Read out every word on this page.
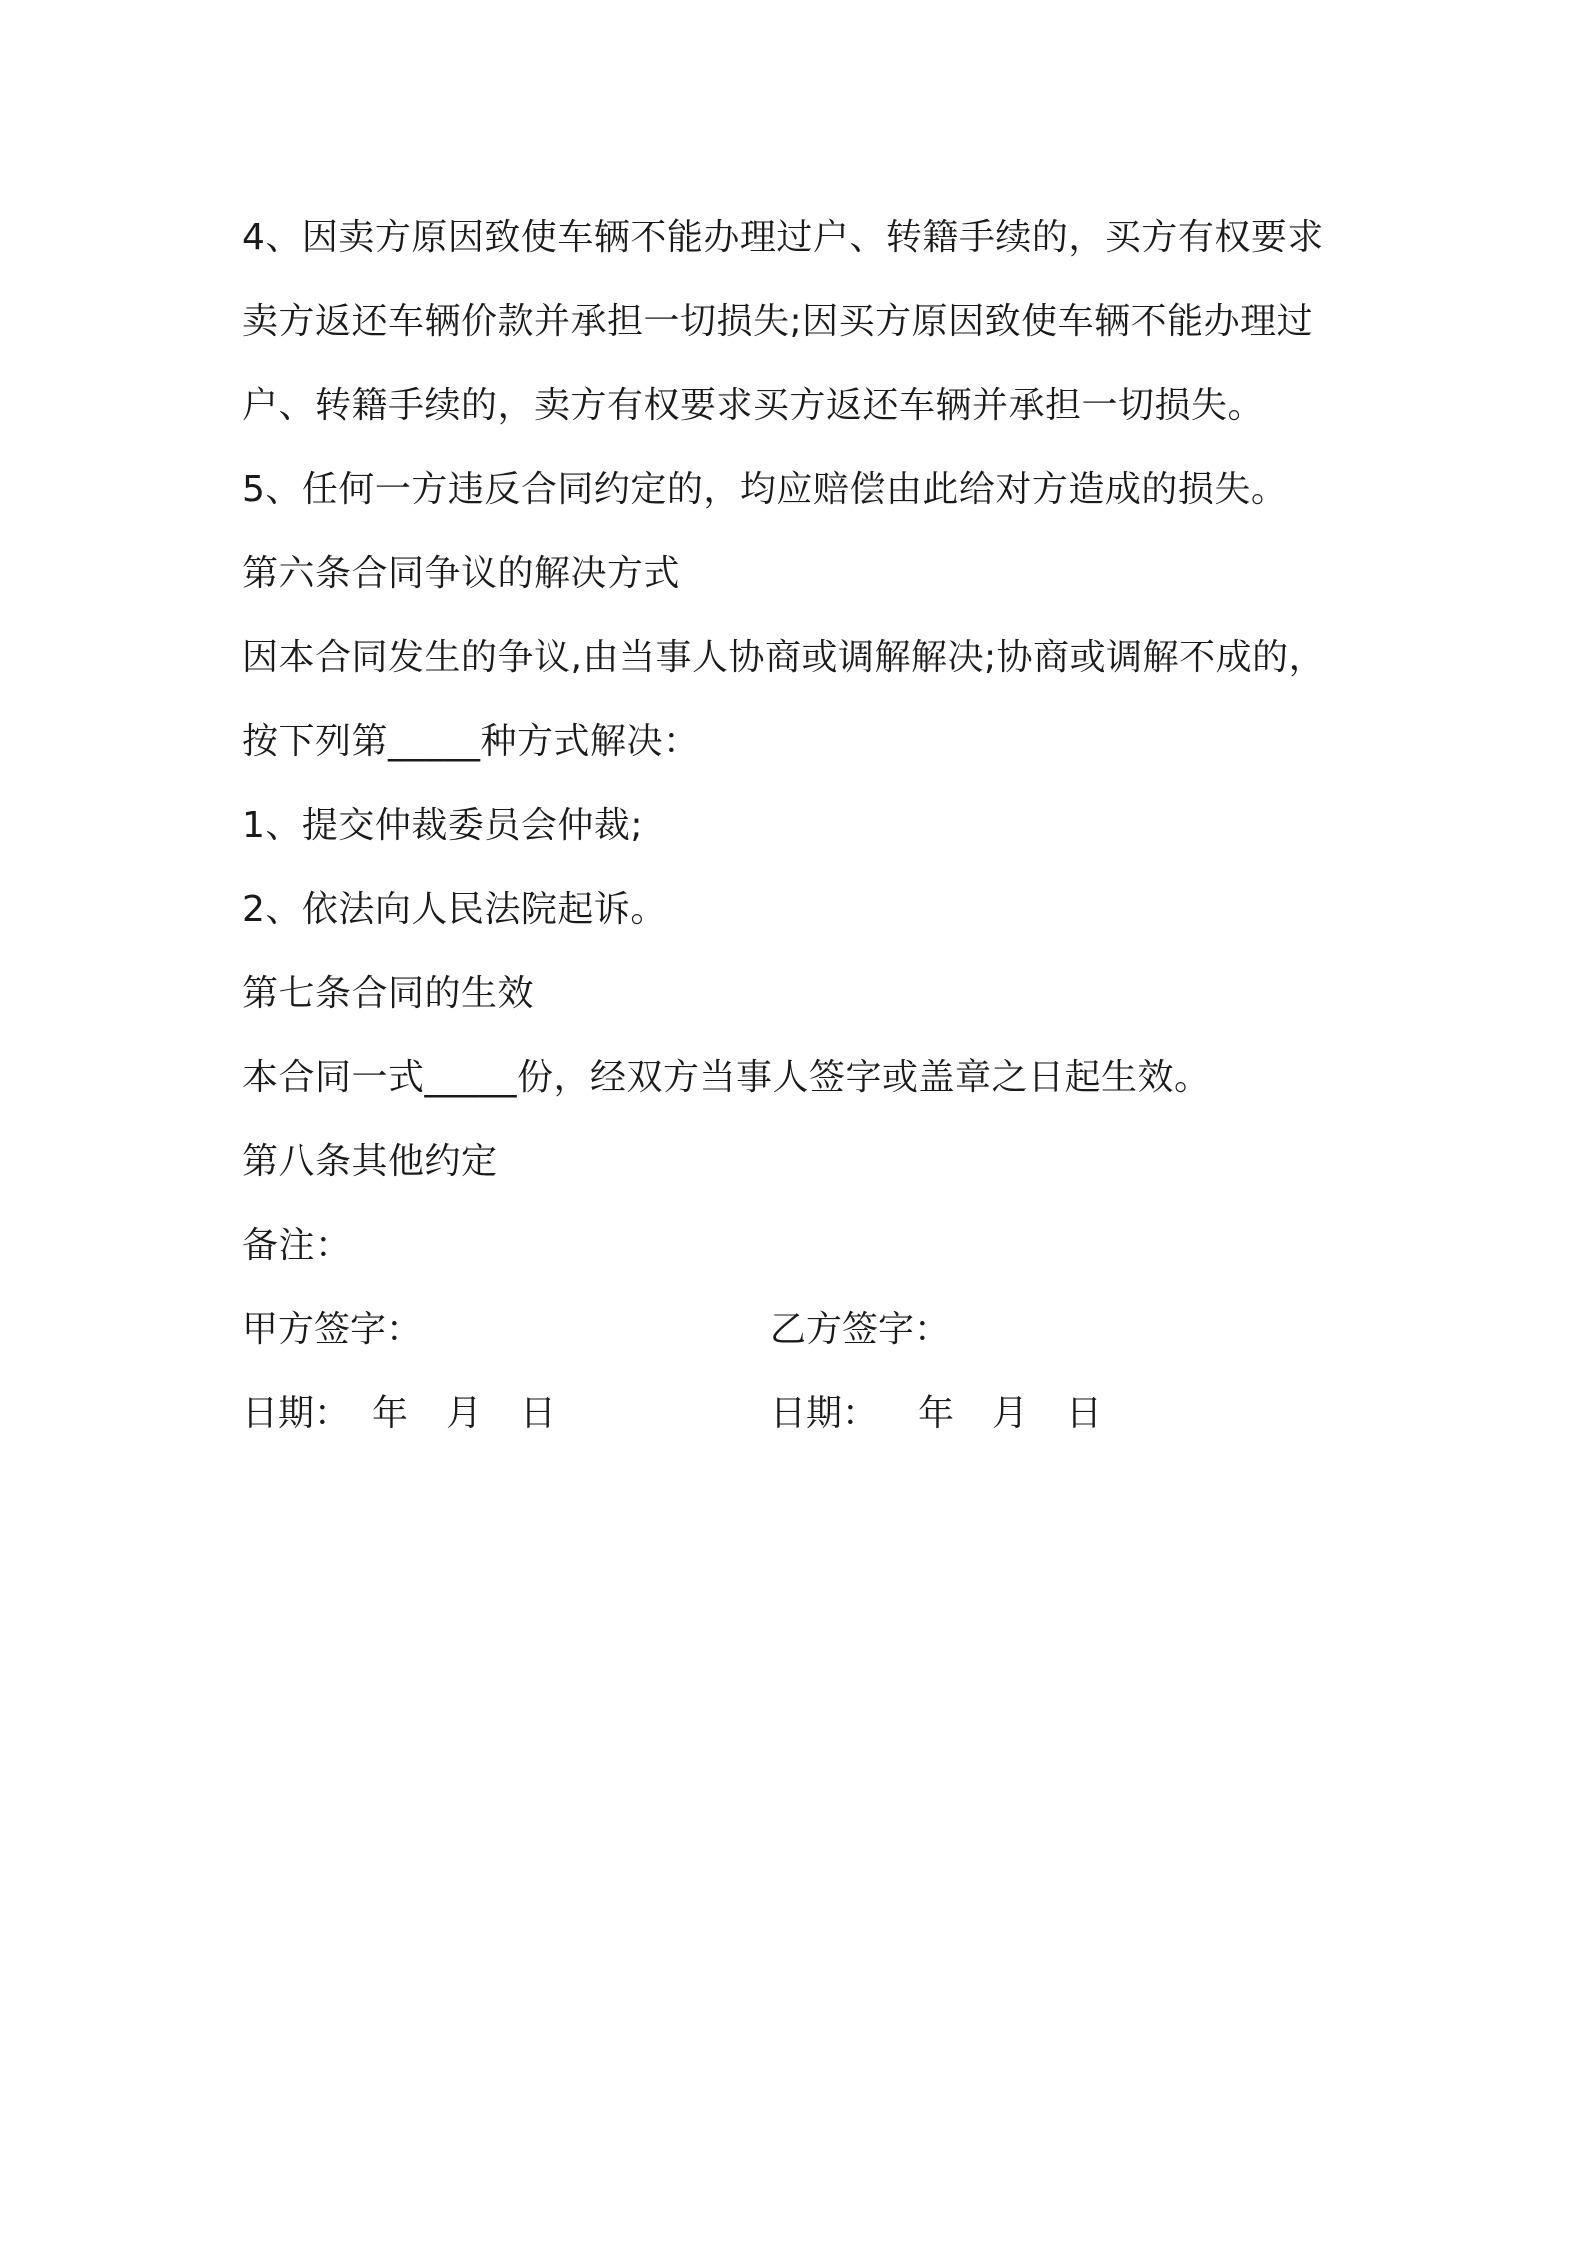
4、因卖方原因致使车辆不能办理过户、转籍手续的，买方有权要求
卖方返还车辆价款并承担一切损失;因买方原因致使车辆不能办理过
户、转籍手续的，卖方有权要求买方返还车辆并承担一切损失。
5、任何一方违反合同约定的，均应赔偿由此给对方造成的损失。
第六条合同争议的解决方式
因本合同发生的争议,由当事人协商或调解解决;协商或调解不成的，
按下列第_____种方式解决：
1、提交仲裁委员会仲裁;
2、依法向人民法院起诉。
第七条合同的生效
本合同一式_____份，经双方当事人签字或盖章之日起生效。
第八条其他约定
备注：
甲方签字：	乙方签字：
日期： 年 月 日	日期： 年 月 日
